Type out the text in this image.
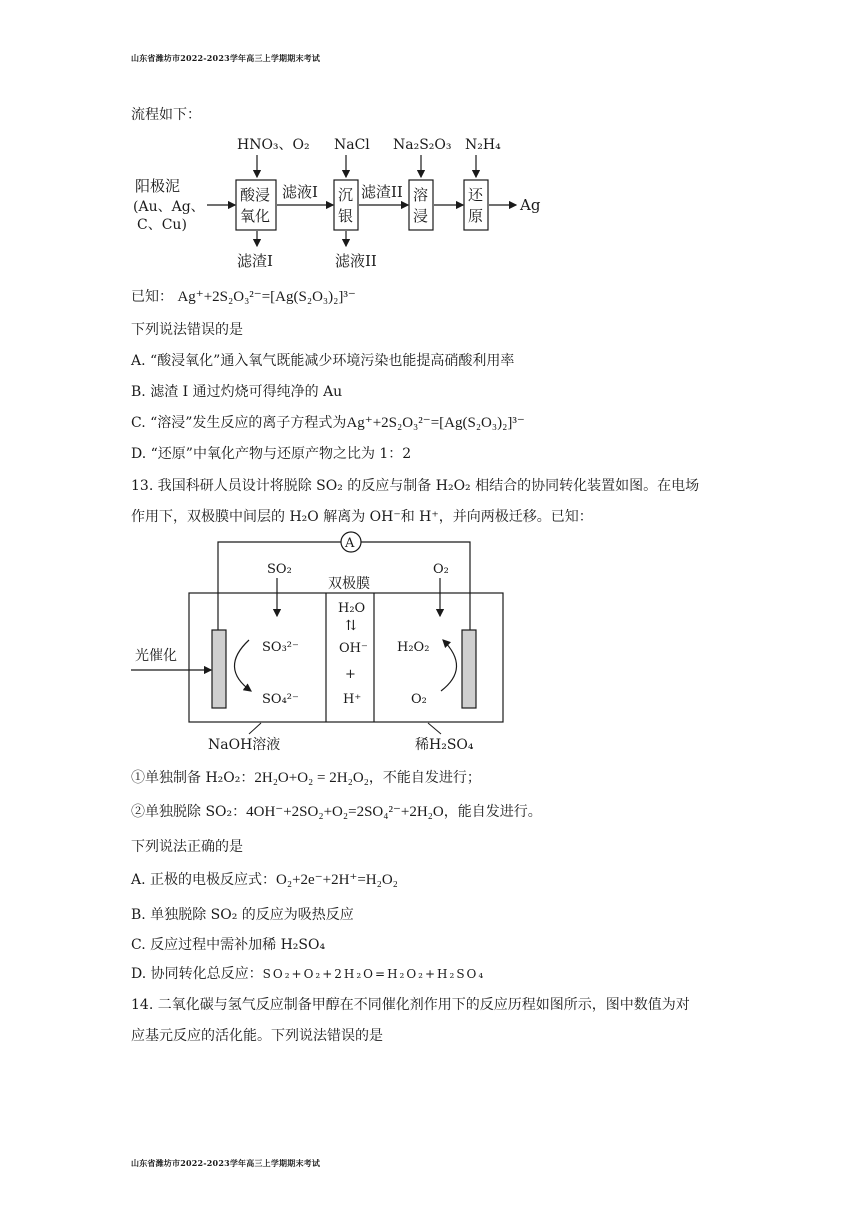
山东省潍坊市2022-2023学年高三上学期期末考试
流程如下：
HNO₃、O₂ NaCl Na₂S₂O₃ N₂H₄
阳极泥
(Au、Ag、
C、Cu)
酸浸
氧化
滤液I 沉
银
滤渣II 溶
浸
还
原
Ag
滤渣I	滤液II
已知： Ag⁺+2S₂O₃²⁻=[Ag(S₂O₃)₂]³⁻
下列说法错误的是
A. “酸浸氧化”通入氧气既能减少环境污染也能提高硝酸利用率
B. 滤渣 I 通过灼烧可得纯净的 Au
C. “溶浸”发生反应的离子方程式为Ag⁺+2S₂O₃²⁻=[Ag(S₂O₃)₂]³⁻
D. “还原”中氧化产物与还原产物之比为 1：2
13. 我国科研人员设计将脱除 SO₂ 的反应与制备 H₂O₂ 相结合的协同转化装置如图。在电场
作用下，双极膜中间层的 H₂O 解离为 OH⁻和 H⁺，并向两极迁移。已知：
A
SO₂	O₂
双极膜
光催化
SO₃²⁻
SO₄²⁻
H₂O
⇅
OH⁻
+
H⁺
H₂O₂
O₂
NaOH溶液	稀H₂SO₄
①单独制备 H₂O₂：2H₂O+O₂ = 2H₂O₂，不能自发进行；
②单独脱除 SO₂：4OH⁻+2SO₂+O₂=2SO₄²⁻+2H₂O，能自发进行。
下列说法正确的是
A. 正极的电极反应式：O₂+2e⁻+2H⁺=H₂O₂
B. 单独脱除 SO₂ 的反应为吸热反应
C. 反应过程中需补加稀 H₂SO₄
D. 协同转化总反应：SO₂+O₂+2H₂O=H₂O₂+H₂SO₄
14. 二氧化碳与氢气反应制备甲醇在不同催化剂作用下的反应历程如图所示，图中数值为对
应基元反应的活化能。下列说法错误的是
山东省潍坊市2022-2023学年高三上学期期末考试
